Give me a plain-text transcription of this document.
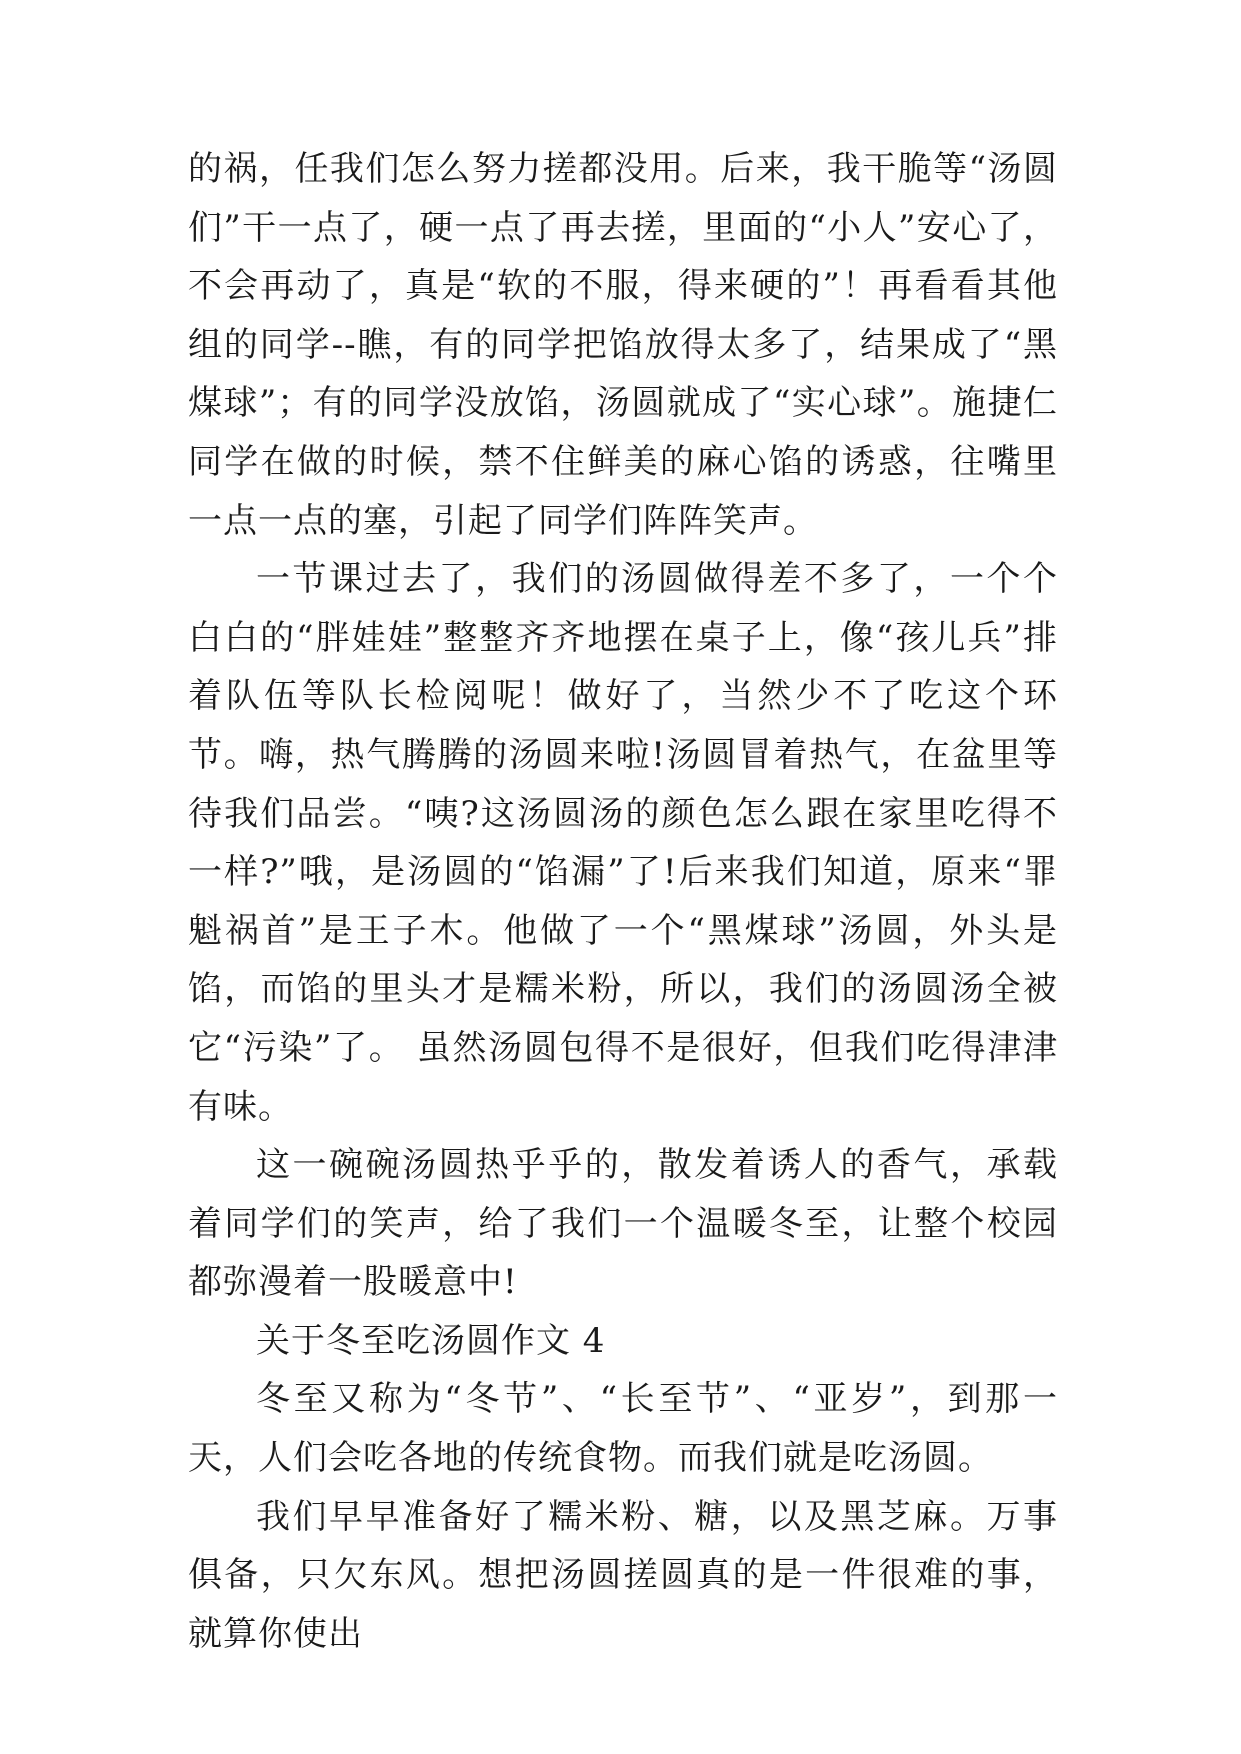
的祸，任我们怎么努力搓都没用。后来，我干脆等“汤圆们”干一点了，硬一点了再去搓，里面的“小人”安心了，不会再动了，真是“软的不服，得来硬的”！再看看其他组的同学--瞧，有的同学把馅放得太多了，结果成了“黑煤球”；有的同学没放馅，汤圆就成了“实心球”。施捷仁同学在做的时候，禁不住鲜美的麻心馅的诱惑，往嘴里一点一点的塞，引起了同学们阵阵笑声。

一节课过去了，我们的汤圆做得差不多了，一个个白白的“胖娃娃”整整齐齐地摆在桌子上，像“孩儿兵”排着队伍等队长检阅呢！做好了，当然少不了吃这个环节。嗨，热气腾腾的汤圆来啦!汤圆冒着热气，在盆里等待我们品尝。“咦?这汤圆汤的颜色怎么跟在家里吃得不一样?”哦，是汤圆的“馅漏”了!后来我们知道，原来“罪魁祸首”是王子木。他做了一个“黑煤球”汤圆，外头是馅，而馅的里头才是糯米粉，所以，我们的汤圆汤全被它“污染”了。 虽然汤圆包得不是很好，但我们吃得津津有味。

这一碗碗汤圆热乎乎的，散发着诱人的香气，承载着同学们的笑声，给了我们一个温暖冬至，让整个校园都弥漫着一股暖意中!

关于冬至吃汤圆作文 4

冬至又称为“冬节”、“长至节”、“亚岁”，到那一天，人们会吃各地的传统食物。而我们就是吃汤圆。

我们早早准备好了糯米粉、糖，以及黑芝麻。万事俱备，只欠东风。想把汤圆搓圆真的是一件很难的事，就算你使出
